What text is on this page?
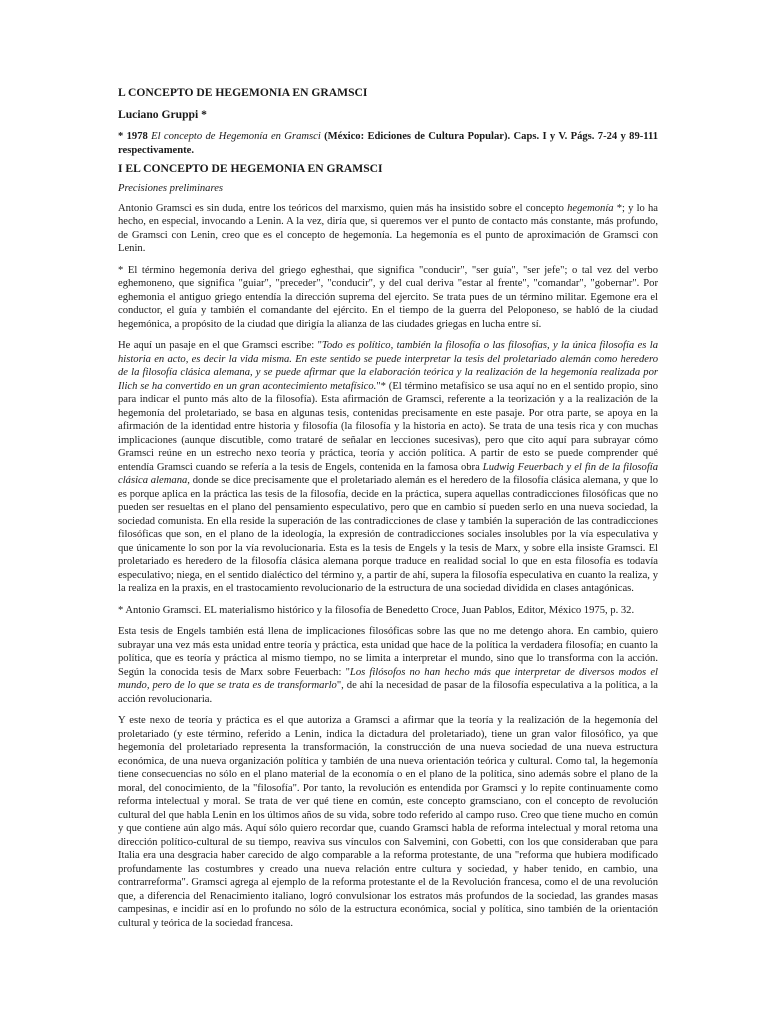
L CONCEPTO DE HEGEMONIA EN GRAMSCI
Luciano Gruppi *
* 1978 El concepto de Hegemonía en Gramsci (México: Ediciones de Cultura Popular). Caps. I y V. Págs. 7-24 y 89-111 respectivamente.
I EL CONCEPTO DE HEGEMONIA EN GRAMSCI
Precisiones preliminares

Antonio Gramsci es sin duda, entre los teóricos del marxismo, quien más ha insistido sobre el concepto hegemonía *; y lo ha hecho, en especial, invocando a Lenin. A la vez, diría que, si queremos ver el punto de contacto más constante, más profundo, de Gramsci con Lenin, creo que es el concepto de hegemonía. La hegemonía es el punto de aproximación de Gramsci con Lenin.

* El término hegemonía deriva del griego eghesthai, que significa "conducir", "ser guía", "ser jefe"; o tal vez del verbo eghemoneno, que significa "guiar", "preceder", "conducir", y del cual deriva "estar al frente", "comandar", "gobernar". Por eghemonia el antiguo griego entendía la dirección suprema del ejercito. Se trata pues de un término militar. Egemone era el conductor, el guía y también el comandante del ejército. En el tiempo de la guerra del Peloponeso, se habló de la ciudad hegemónica, a propósito de la ciudad que dirigía la alianza de las ciudades griegas en lucha entre sí.

He aquí un pasaje en el que Gramsci escribe: "Todo es político, también la filosofía o las filosofías, y la única filosofía es la historia en acto, es decir la vida misma. En este sentido se puede interpretar la tesis del proletariado alemán como heredero de la filosofía clásica alemana, y se puede afirmar que la elaboración teórica y la realización de la hegemonía realizada por Ilich se ha convertido en un gran acontecimiento metafísico."* (El término metafísico se usa aquí no en el sentido propio, sino para indicar el punto más alto de la filosofía). Esta afirmación de Gramsci, referente a la teorización y a la realización de la hegemonía del proletariado, se basa en algunas tesis, contenidas precisamente en este pasaje. Por otra parte, se apoya en la afirmación de la identidad entre historia y filosofía (la filosofía y la historia en acto). Se trata de una tesis rica y con muchas implicaciones (aunque discutible, como trataré de señalar en lecciones sucesivas), pero que cito aquí para subrayar cómo Gramsci reúne en un estrecho nexo teoría y práctica, teoría y acción política. A partir de esto se puede comprender qué entendía Gramsci cuando se refería a la tesis de Engels, contenida en la famosa obra Ludwig Feuerbach y el fin de la filosofía clásica alemana, donde se dice precisamente que el proletariado alemán es el heredero de la filosofía clásica alemana, y que lo es porque aplica en la práctica las tesis de la filosofía, decide en la práctica, supera aquellas contradicciones filosóficas que no pueden ser resueltas en el plano del pensamiento especulativo, pero que en cambio sí pueden serlo en una nueva sociedad, la sociedad comunista. En ella reside la superación de las contradicciones de clase y también la superación de las contradicciones filosóficas que son, en el plano de la ideología, la expresión de contradicciones sociales insolubles por la vía especulativa y que únicamente lo son por la vía revolucionaria. Esta es la tesis de Engels y la tesis de Marx, y sobre ella insiste Gramsci. El proletariado es heredero de la filosofía clásica alemana porque traduce en realidad social lo que en esta filosofía es todavía especulativo; niega, en el sentido dialéctico del término y, a partir de ahí, supera la filosofía especulativa en cuanto la realiza, y la realiza en la praxis, en el trastocamiento revolucionario de la estructura de una sociedad dividida en clases antagónicas.

* Antonio Gramsci. EL materialismo histórico y la filosofía de Benedetto Croce, Juan Pablos, Editor, México 1975, p. 32.

Esta tesis de Engels también está llena de implicaciones filosóficas sobre las que no me detengo ahora. En cambio, quiero subrayar una vez más esta unidad entre teoría y práctica, esta unidad que hace de la política la verdadera filosofía; en cuanto la política, que es teoría y práctica al mismo tiempo, no se limita a interpretar el mundo, sino que lo transforma con la acción. Según la conocida tesis de Marx sobre Feuerbach: "Los filósofos no han hecho más que interpretar de diversos modos el mundo, pero de lo que se trata es de transformarlo", de ahí la necesidad de pasar de la filosofía especulativa a la política, a la acción revolucionaria.

Y este nexo de teoría y práctica es el que autoriza a Gramsci a afirmar que la teoría y la realización de la hegemonía del proletariado (y este término, referido a Lenin, indica la dictadura del proletariado), tiene un gran valor filosófico, ya que hegemonía del proletariado representa la transformación, la construcción de una nueva sociedad de una nueva estructura económica, de una nueva organización política y también de una nueva orientación teórica y cultural. Como tal, la hegemonía tiene consecuencias no sólo en el plano material de la economía o en el plano de la política, sino además sobre el plano de la moral, del conocimiento, de la "filosofía". Por tanto, la revolución es entendida por Gramsci y lo repite continuamente como reforma intelectual y moral. Se trata de ver qué tiene en común, este concepto gramsciano, con el concepto de revolución cultural del que habla Lenin en los últimos años de su vida, sobre todo referido al campo ruso. Creo que tiene mucho en común y que contiene aún algo más. Aquí sólo quiero recordar que, cuando Gramsci habla de reforma intelectual y moral retoma una dirección político-cultural de su tiempo, reaviva sus vínculos con Salvemini, con Gobetti, con los que consideraban que para Italia era una desgracia haber carecido de algo comparable a la reforma protestante, de una "reforma que hubiera modificado profundamente las costumbres y creado una nueva relación entre cultura y sociedad, y haber tenido, en cambio, una contrarreforma". Gramsci agrega al ejemplo de la reforma protestante el de la Revolución francesa, como el de una revolución que, a diferencia del Renacimiento italiano, logró convulsionar los estratos más profundos de la sociedad, las grandes masas campesinas, e incidir así en lo profundo no sólo de la estructura económica, social y política, sino también de la orientación cultural y teórica de la sociedad francesa.
